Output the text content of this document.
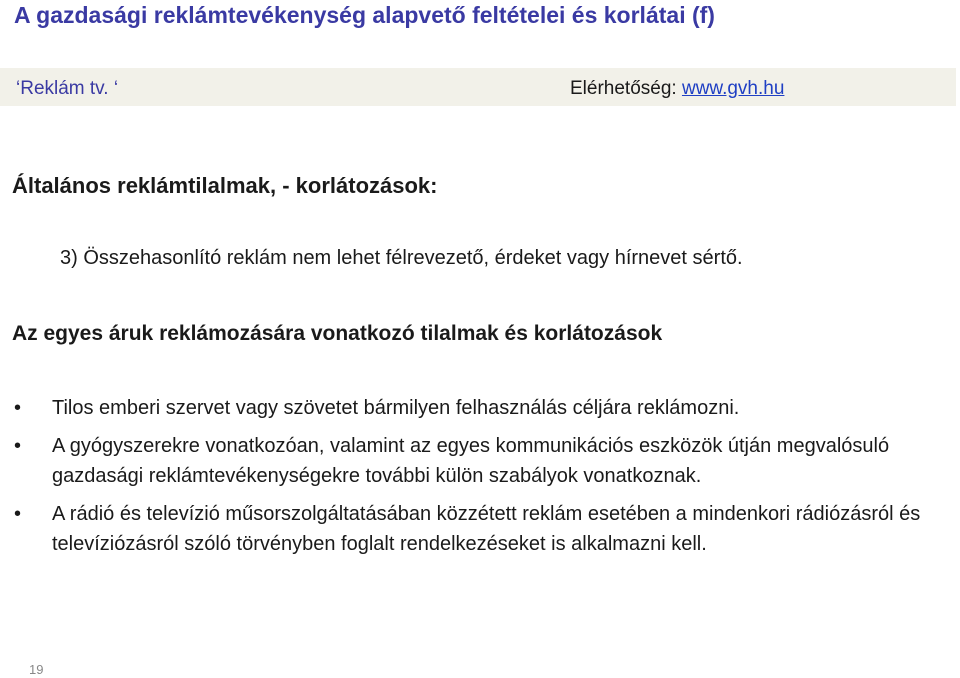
A gazdasági reklámtevékenység alapvető feltételei és korlátai (f)
‘Reklám tv. ‘	Elérhetőség: www.gvh.hu
Általános reklámtilalmak, - korlátozások:
3) Összehasonlító reklám nem lehet félrevezető, érdeket vagy hírnevet sértő.
Az egyes áruk reklámozására vonatkozó tilalmak és korlátozások
• Tilos emberi szervet vagy szövetet bármilyen felhasználás céljára reklámozni.
• A gyógyszerekre vonatkozóan, valamint az egyes kommunikációs eszközök útján megvalósuló gazdasági reklámtevékenységekre további külön szabályok vonatkoznak.
• A rádió és televízió műsorszolgáltatásában közzétett reklám esetében a mindenkori rádiózásról és televíziózásról szóló törvényben foglalt rendelkezéseket is alkalmazni kell.
19
